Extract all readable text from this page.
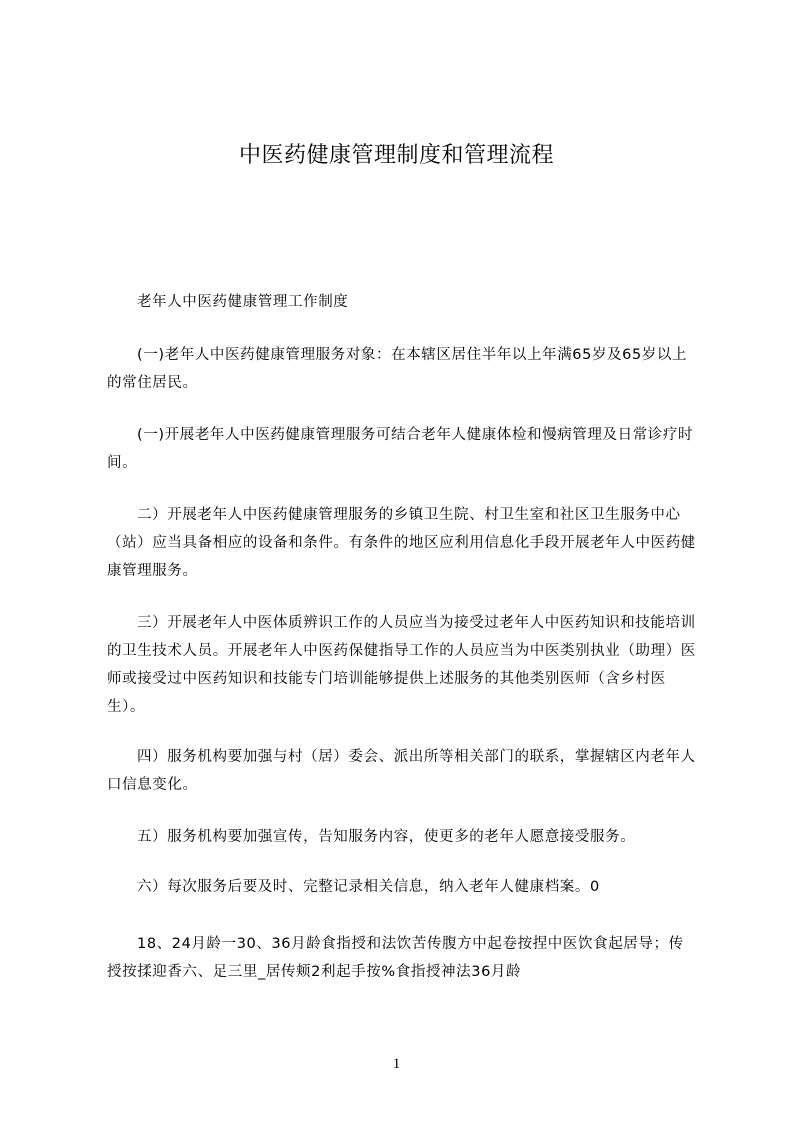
中医药健康管理制度和管理流程
老年人中医药健康管理工作制度

(一)老年人中医药健康管理服务对象：在本辖区居住半年以上年满65岁及65岁以上的常住居民。

(一)开展老年人中医药健康管理服务可结合老年人健康体检和慢病管理及日常诊疗时间。

二）开展老年人中医药健康管理服务的乡镇卫生院、村卫生室和社区卫生服务中心（站）应当具备相应的设备和条件。有条件的地区应利用信息化手段开展老年人中医药健康管理服务。

三）开展老年人中医体质辨识工作的人员应当为接受过老年人中医药知识和技能培训的卫生技术人员。开展老年人中医药保健指导工作的人员应当为中医类别执业（助理）医师或接受过中医药知识和技能专门培训能够提供上述服务的其他类别医师（含乡村医生）。

四）服务机构要加强与村（居）委会、派出所等相关部门的联系，掌握辖区内老年人口信息变化。

五）服务机构要加强宣传，告知服务内容，使更多的老年人愿意接受服务。

六）每次服务后要及时、完整记录相关信息，纳入老年人健康档案。0

18、24月龄一30、36月龄食指授和法饮苦传腹方中起卷按捏中医饮食起居导；传授按揉迎香六、足三里_居传颊2利起手按%食指授神法36月龄

1
